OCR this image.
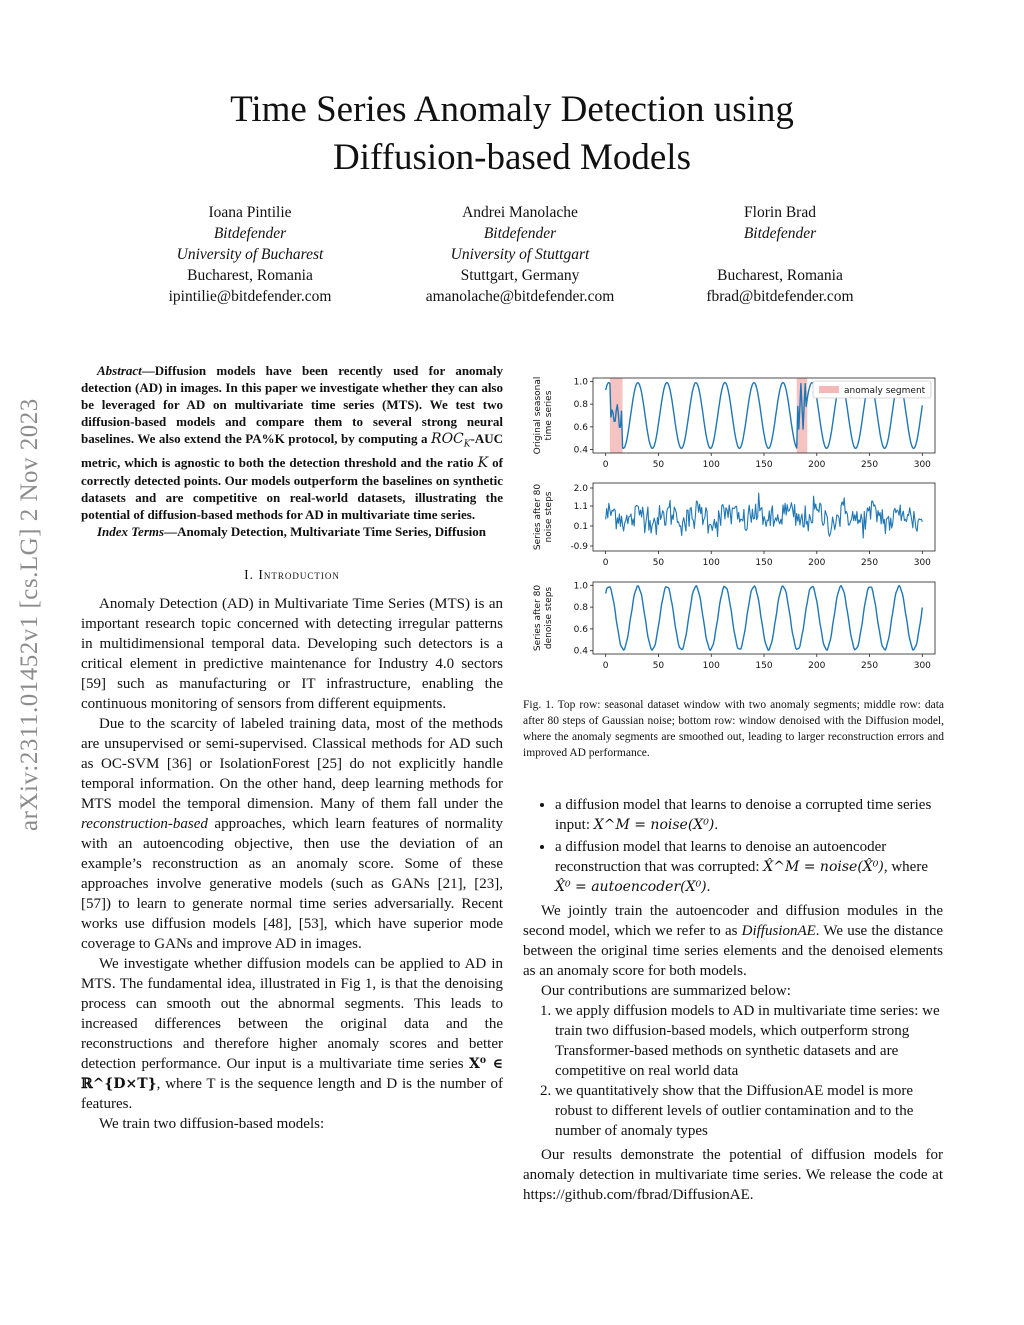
arXiv:2311.01452v1 [cs.LG] 2 Nov 2023
Time Series Anomaly Detection using
Diffusion-based Models
Ioana Pintilie
Bitdefender
University of Bucharest
Bucharest, Romania
ipintilie@bitdefender.com
Andrei Manolache
Bitdefender
University of Stuttgart
Stuttgart, Germany
amanolache@bitdefender.com
Florin Brad
Bitdefender
Bucharest, Romania
fbrad@bitdefender.com

Abstract—Diffusion models have been recently used for anomaly detection (AD) in images. In this paper we investigate whether they can also be leveraged for AD on multivariate time series (MTS). We test two diffusion-based models and compare them to several strong neural baselines. We also extend the PA%K protocol, by computing a $ROC_K$-AUC metric, which is agnostic to both the detection threshold and the ratio K of correctly detected points. Our models outperform the baselines on synthetic datasets and are competitive on real-world datasets, illustrating the potential of diffusion-based methods for AD in multivariate time series.

Index Terms—Anomaly Detection, Multivariate Time Series, Diffusion

I. Introduction

Anomaly Detection (AD) in Multivariate Time Series (MTS) is an important research topic concerned with detecting irregular patterns in multidimensional temporal data. Developing such detectors is a critical element in predictive maintenance for Industry 4.0 sectors [59] such as manufacturing or IT infrastructure, enabling the continuous monitoring of sensors from different equipments.

Due to the scarcity of labeled training data, most of the methods are unsupervised or semi-supervised. Classical methods for AD such as OC-SVM [36] or IsolationForest [25] do not explicitly handle temporal information. On the other hand, deep learning methods for MTS model the temporal dimension. Many of them fall under the reconstruction-based approaches, which learn features of normality with an autoencoding objective, then use the deviation of an example’s reconstruction as an anomaly score. Some of these approaches involve generative models (such as GANs [21], [23], [57]) to learn to generate normal time series adversarially. Recent works use diffusion models [48], [53], which have superior mode coverage to GANs and improve AD in images.

We investigate whether diffusion models can be applied to AD in MTS. The fundamental idea, illustrated in Fig 1, is that the denoising process can smooth out the abnormal segments. This leads to increased differences between the original data and the reconstructions and therefore higher anomaly scores and better detection performance. Our input is a multivariate time series X⁰ ∈ ℝ^{D×T}, where T is the sequence length and D is the number of features.

We train two diffusion-based models:

0	50	100	150	200	250	300
1.0
0.8
0.6
0.4
Original seasonal time series	anomaly segment
0	50	100	150	200	250	300
2.0
1.1
0.1
-0.9
Series after 80 noise steps
0	50	100	150	200	250	300
1.0
0.8
0.6
0.4
Series after 80 denoise steps
Fig. 1. Top row: seasonal dataset window with two anomaly segments; middle row: data after 80 steps of Gaussian noise; bottom row: window denoised with the Diffusion model, where the anomaly segments are smoothed out, leading to larger reconstruction errors and improved AD performance.
• a diffusion model that learns to denoise a corrupted time series input: X^M = noise(X⁰).
• a diffusion model that learns to denoise an autoencoder reconstruction that was corrupted: X̂^M = noise(X̂⁰), where X̂⁰ = autoencoder(X⁰).

We jointly train the autoencoder and diffusion modules in the second model, which we refer to as DiffusionAE. We use the distance between the original time series elements and the denoised elements as an anomaly score for both models.

Our contributions are summarized below:

1. we apply diffusion models to AD in multivariate time series: we train two diffusion-based models, which outperform strong Transformer-based methods on synthetic datasets and are competitive on real world data
2. we quantitatively show that the DiffusionAE model is more robust to different levels of outlier contamination and to the number of anomaly types

Our results demonstrate the potential of diffusion models for anomaly detection in multivariate time series. We release the code at https://github.com/fbrad/DiffusionAE.
